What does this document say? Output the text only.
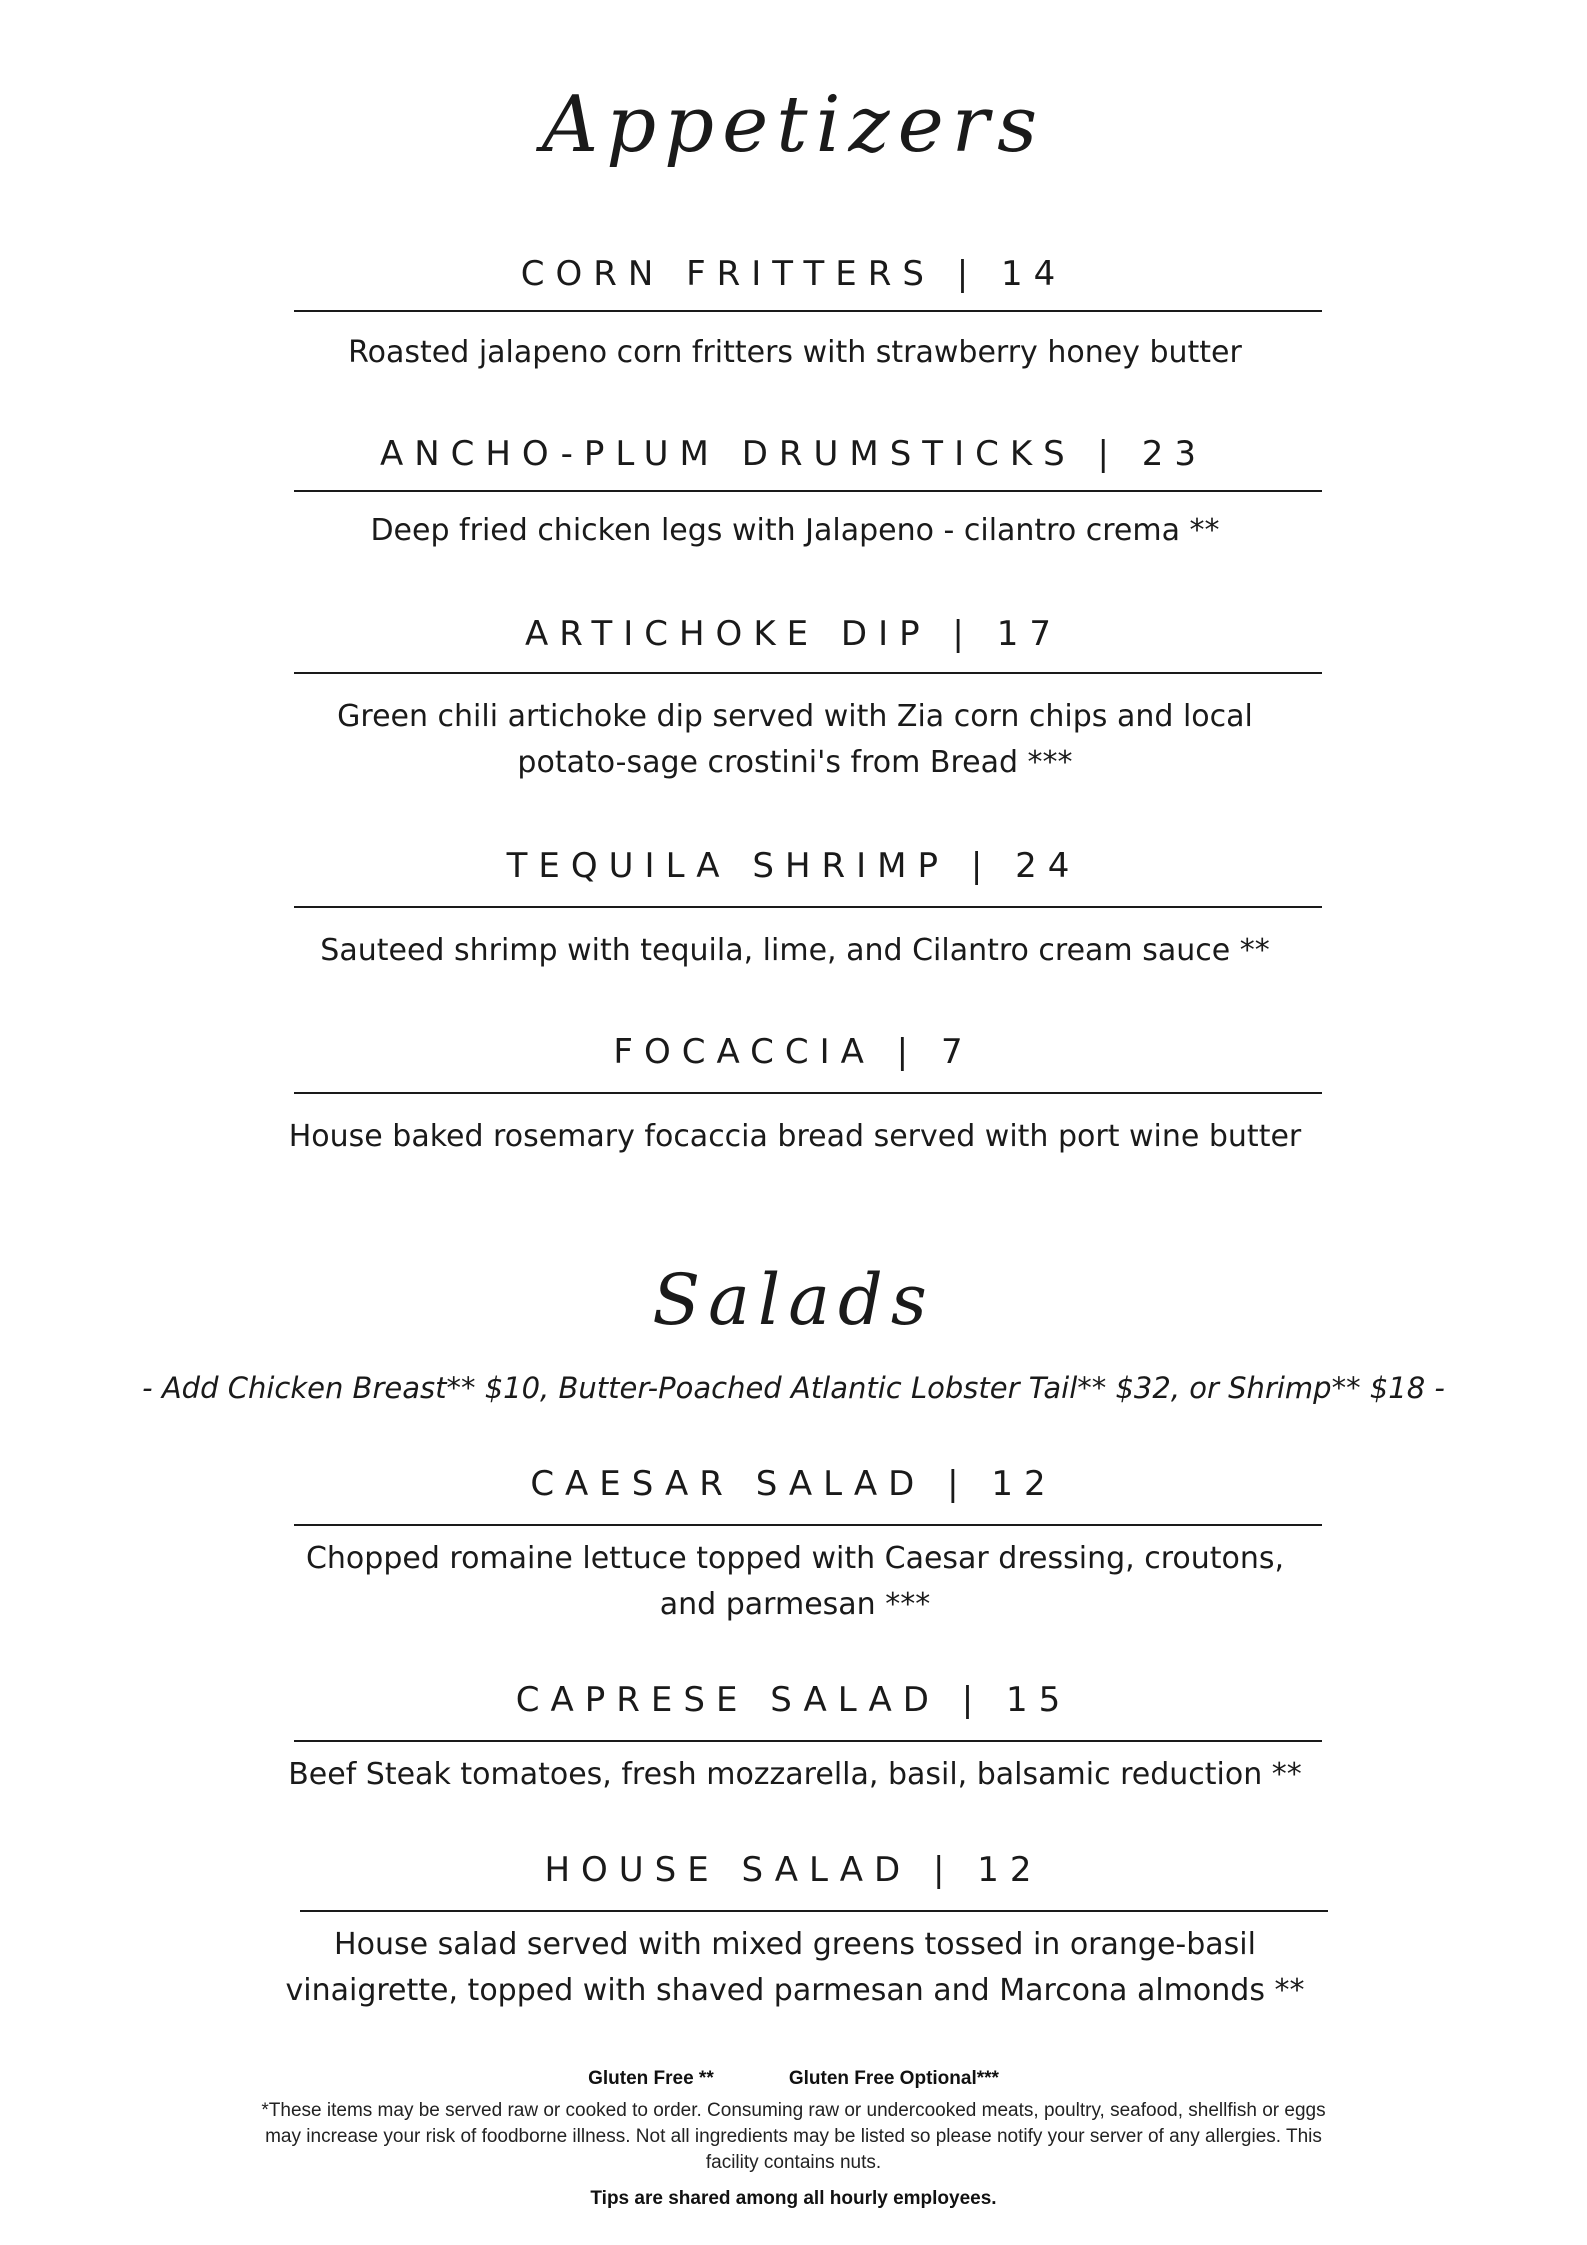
Appetizers
CORN FRITTERS | 14
Roasted jalapeno corn fritters with strawberry honey butter
ANCHO-PLUM DRUMSTICKS | 23
Deep fried chicken legs with Jalapeno - cilantro crema **
ARTICHOKE DIP | 17
Green chili artichoke dip served with Zia corn chips and local potato-sage crostini's from Bread ***
TEQUILA SHRIMP | 24
Sauteed shrimp with tequila, lime, and Cilantro cream sauce **
FOCACCIA | 7
House baked rosemary focaccia bread served with port wine butter
Salads
- Add Chicken Breast** $10, Butter-Poached Atlantic Lobster Tail** $32, or Shrimp** $18 -
CAESAR SALAD | 12
Chopped romaine lettuce topped with Caesar dressing, croutons, and parmesan ***
CAPRESE SALAD | 15
Beef Steak tomatoes, fresh mozzarella, basil, balsamic reduction **
HOUSE SALAD | 12
House salad served with mixed greens tossed in orange-basil vinaigrette, topped with shaved parmesan and Marcona almonds **
Gluten Free **	Gluten Free Optional***
*These items may be served raw or cooked to order. Consuming raw or undercooked meats, poultry, seafood, shellfish or eggs may increase your risk of foodborne illness. Not all ingredients may be listed so please notify your server of any allergies. This facility contains nuts.
Tips are shared among all hourly employees.
